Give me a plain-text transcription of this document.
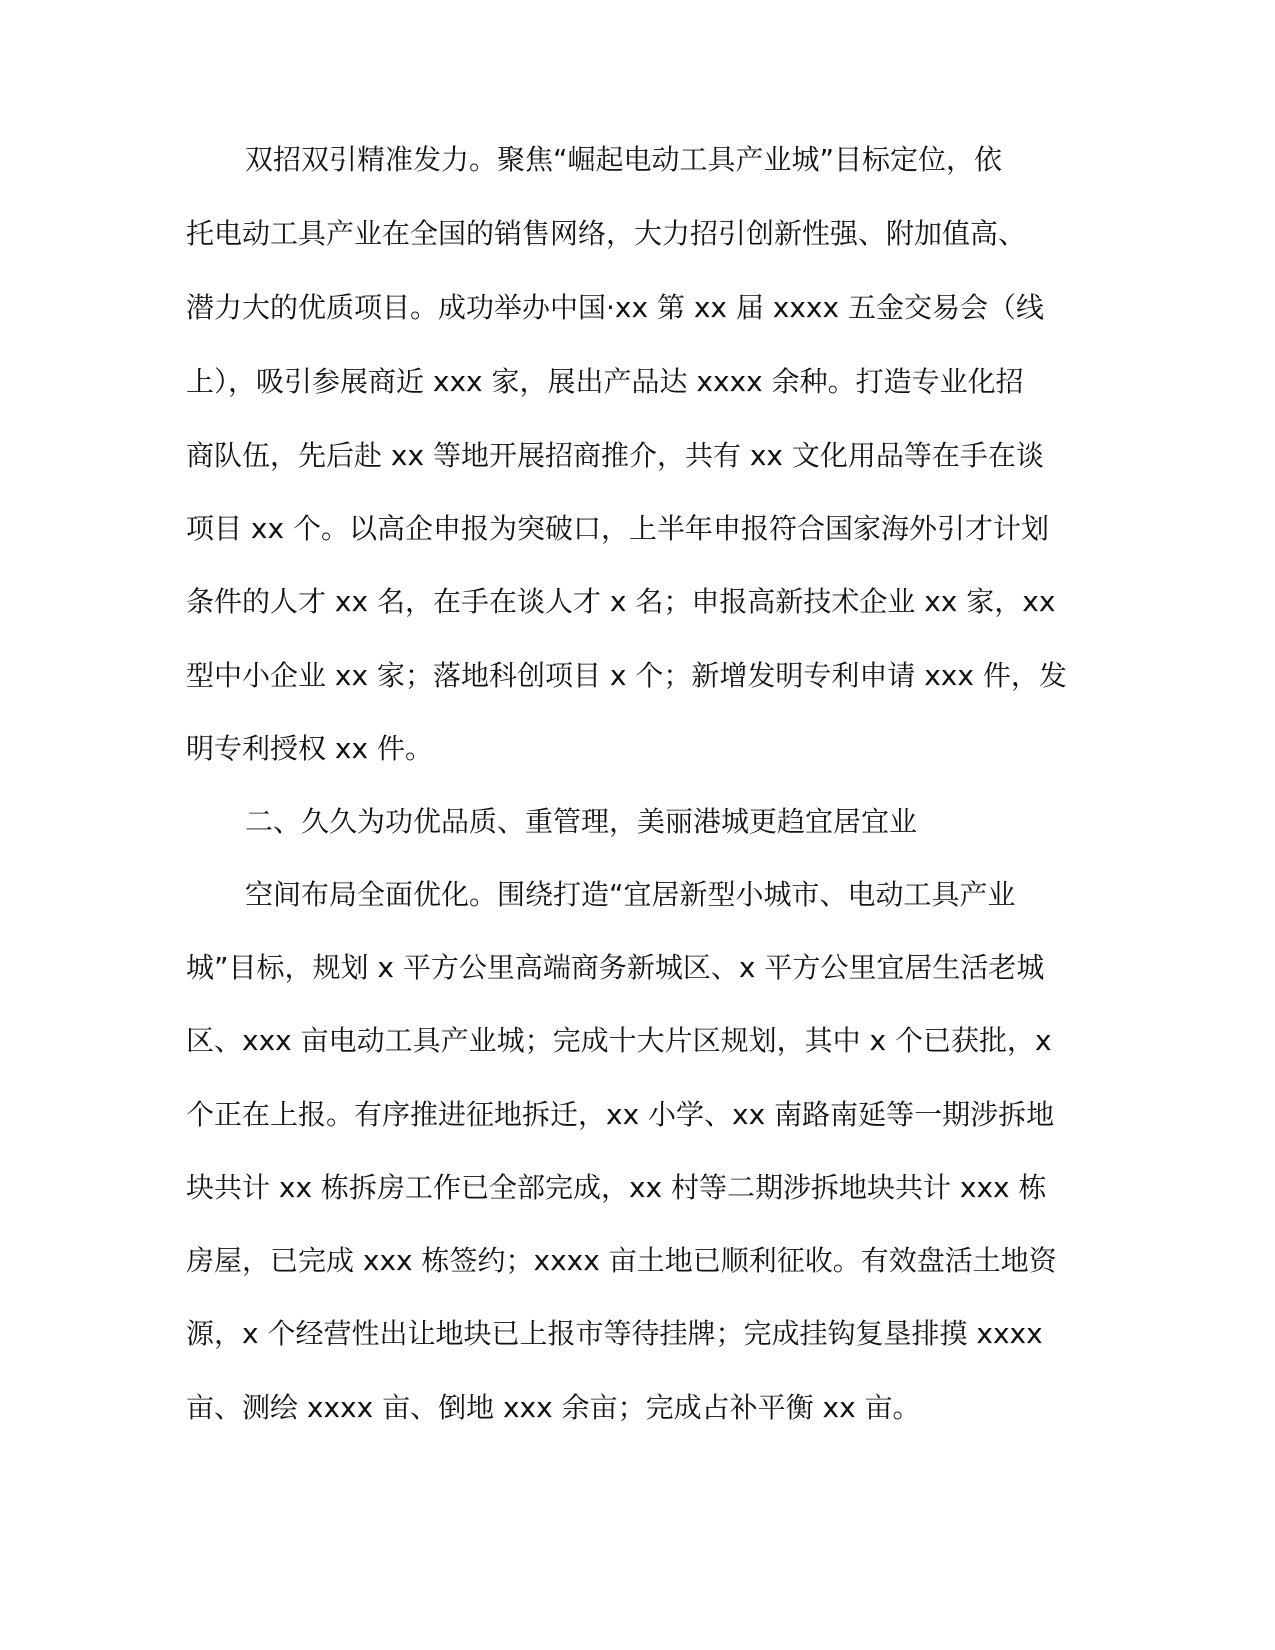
双招双引精准发力。聚焦“崛起电动工具产业城”目标定位，依
托电动工具产业在全国的销售网络，大力招引创新性强、附加值高、
潜力大的优质项目。成功举办中国·xx 第 xx 届 xxxx 五金交易会（线
上），吸引参展商近 xxx 家，展出产品达 xxxx 余种。打造专业化招
商队伍，先后赴 xx 等地开展招商推介，共有 xx 文化用品等在手在谈
项目 xx 个。以高企申报为突破口，上半年申报符合国家海外引才计划
条件的人才 xx 名，在手在谈人才 x 名；申报高新技术企业 xx 家，xx
型中小企业 xx 家；落地科创项目 x 个；新增发明专利申请 xxx 件，发
明专利授权 xx 件。
二、久久为功优品质、重管理，美丽港城更趋宜居宜业
空间布局全面优化。围绕打造“宜居新型小城市、电动工具产业
城”目标，规划 x 平方公里高端商务新城区、x 平方公里宜居生活老城
区、xxx 亩电动工具产业城；完成十大片区规划，其中 x 个已获批，x
个正在上报。有序推进征地拆迁，xx 小学、xx 南路南延等一期涉拆地
块共计 xx 栋拆房工作已全部完成，xx 村等二期涉拆地块共计 xxx 栋
房屋，已完成 xxx 栋签约；xxxx 亩土地已顺利征收。有效盘活土地资
源，x 个经营性出让地块已上报市等待挂牌；完成挂钩复垦排摸 xxxx
亩、测绘 xxxx 亩、倒地 xxx 余亩；完成占补平衡 xx 亩。
